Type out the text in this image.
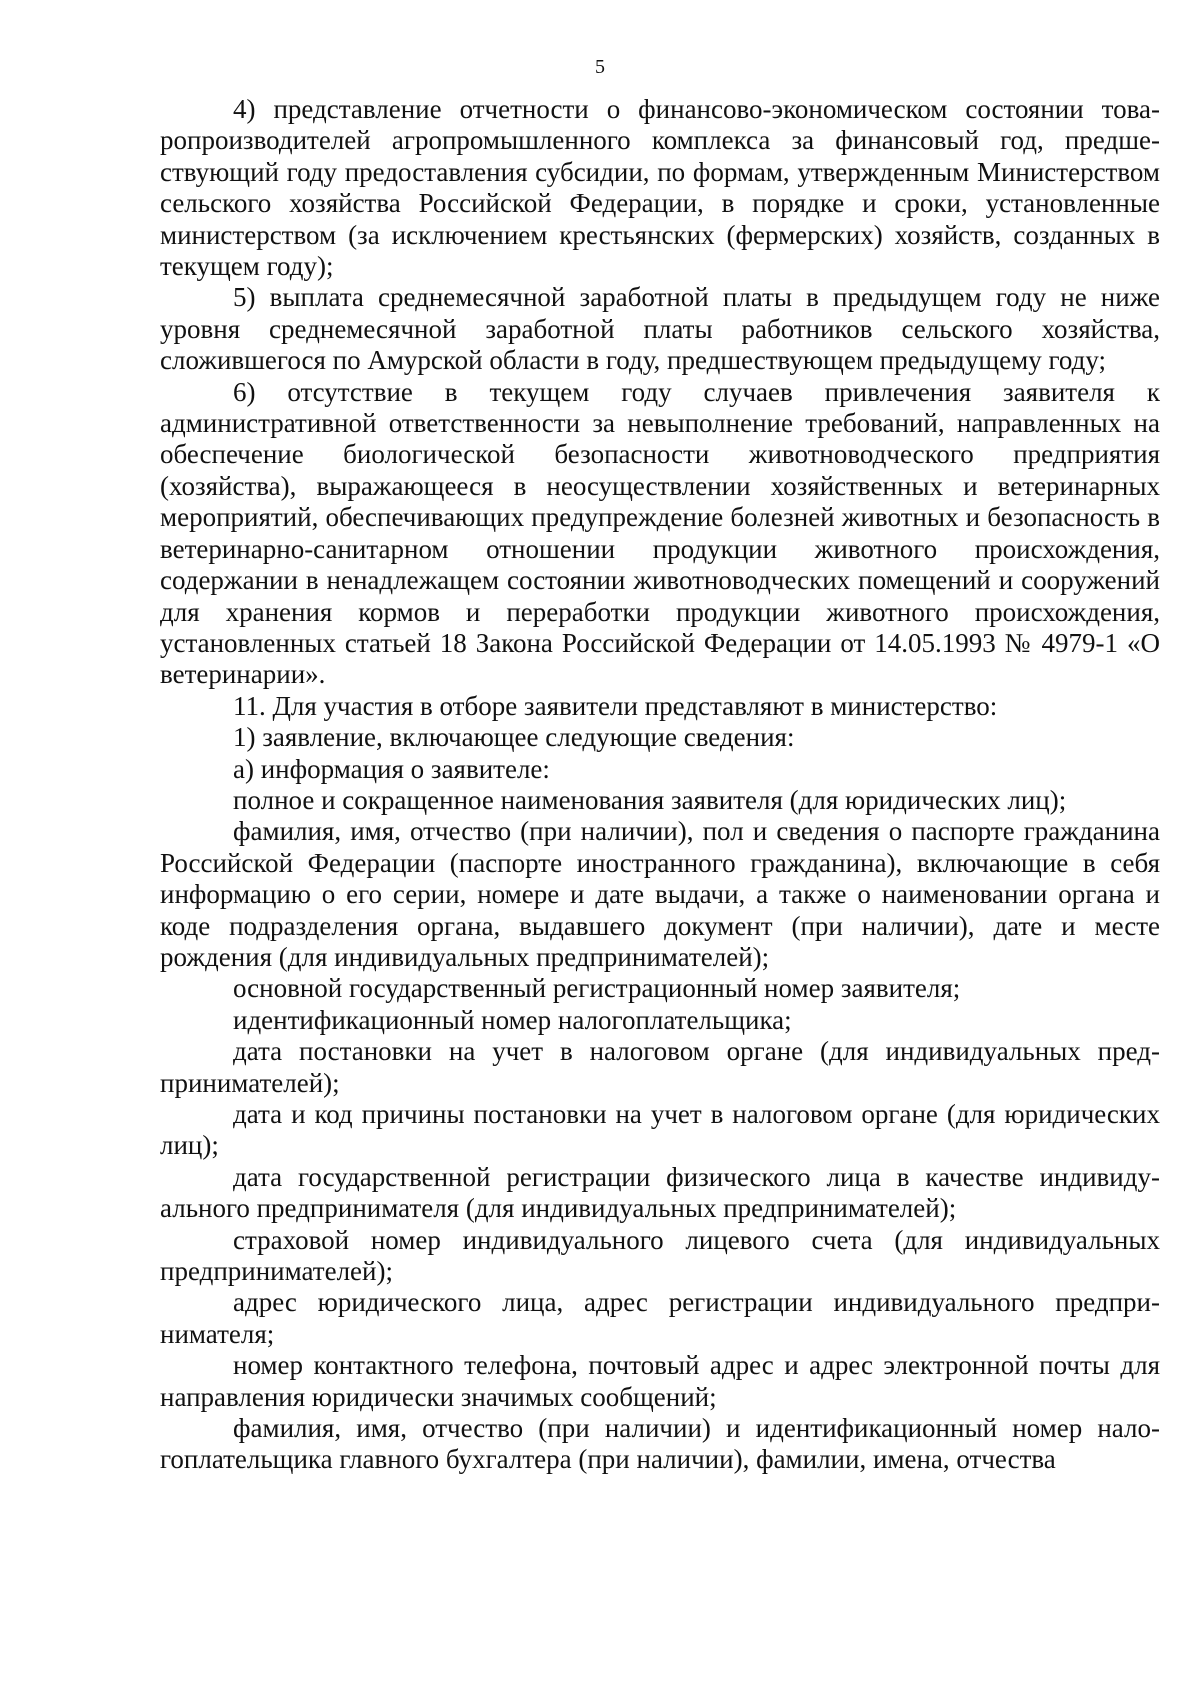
5

4) представление отчетности о финансово-экономическом состоянии товаропроизводителей агропромышленного комплекса за финансовый год, предшествующий году предоставления субсидии, по формам, утвержденным Министерством сельского хозяйства Российской Федерации, в порядке и сроки, установленные министерством (за исключением крестьянских (фермерских) хозяйств, созданных в текущем году);

5) выплата среднемесячной заработной платы в предыдущем году не ниже уровня среднемесячной заработной платы работников сельского хозяйства, сложившегося по Амурской области в году, предшествующем предыдущему году;

6) отсутствие в текущем году случаев привлечения заявителя к административной ответственности за невыполнение требований, направленных на обеспечение биологической безопасности животноводческого предприятия (хозяйства), выражающееся в неосуществлении хозяйственных и ветеринарных мероприятий, обеспечивающих предупреждение болезней животных и безопасность в ветеринарно-санитарном отношении продукции животного происхождения, содержании в ненадлежащем состоянии животноводческих помещений и сооружений для хранения кормов и переработки продукции животного происхождения, установленных статьей 18 Закона Российской Федерации от 14.05.1993 № 4979-1 «О ветеринарии».

11. Для участия в отборе заявители представляют в министерство:

1) заявление, включающее следующие сведения:

а) информация о заявителе:

полное и сокращенное наименования заявителя (для юридических лиц);

фамилия, имя, отчество (при наличии), пол и сведения о паспорте гражданина Российской Федерации (паспорте иностранного гражданина), включающие в себя информацию о его серии, номере и дате выдачи, а также о наименовании органа и коде подразделения органа, выдавшего документ (при наличии), дате и месте рождения (для индивидуальных предпринимателей);

основной государственный регистрационный номер заявителя;

идентификационный номер налогоплательщика;

дата постановки на учет в налоговом органе (для индивидуальных предпринимателей);

дата и код причины постановки на учет в налоговом органе (для юридических лиц);

дата государственной регистрации физического лица в качестве индивидуального предпринимателя (для индивидуальных предпринимателей);

страховой номер индивидуального лицевого счета (для индивидуальных предпринимателей);

адрес юридического лица, адрес регистрации индивидуального предпринимателя;

номер контактного телефона, почтовый адрес и адрес электронной почты для направления юридически значимых сообщений;

фамилия, имя, отчество (при наличии) и идентификационный номер налогоплательщика главного бухгалтера (при наличии), фамилии, имена, отчества
